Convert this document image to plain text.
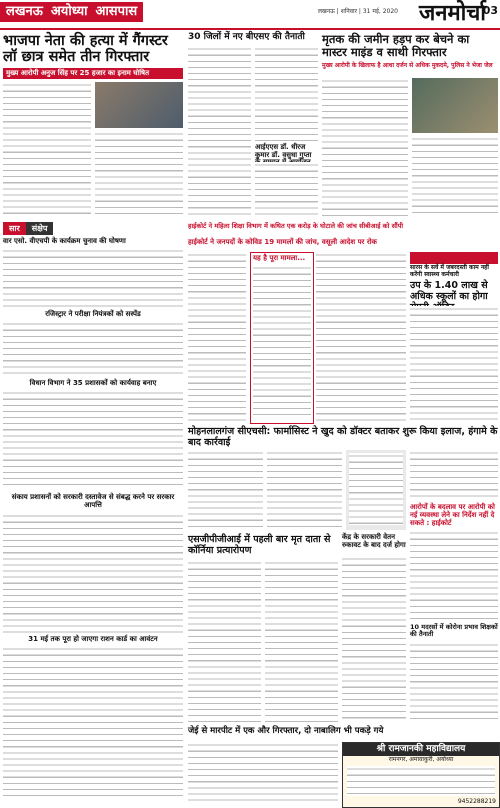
लखनऊ अयोध्या आसपास	लखनऊ | शनिवार | 31 मई, 2020 जनमोर्चा
03
भाजपा नेता की हत्या में गैंगस्टर लॉ छात्र समेत तीन गिरफ्तार
मुख्य आरोपी अनुज सिंह पर 25 हजार का इनाम घोषित
30 जिलों में नए बीएसए की तैनाती
आईएएस डॉ. धीरज कुमार डॉ. वसुधा गुप्ता
मृतक की जमीन हड़प कर बेचने का मास्टर माइंड व साथी गिरफ्तार
मुख्य आरोपी के खिलाफ है आधा दर्जन से अधिक मुकदमे, पुलिस ने भेजा जेल
सार	संक्षेप
वार एसो. वीएचपी के कार्यक्रम चुनाव की घोषणा
रजिस्ट्रार ने परीक्षा नियंत्रकों को सस्पेंड
विधान विभाग ने 35 प्रशासकों को कार्यवाह बनाए
संकाय प्रशासनों को सरकारी दस्तावेज से संबद्ध करने पर सरकार आपत्ति
31 मई तक पूरा हो जाएगा राशन कार्ड का आवंटन
हाईकोर्ट ने महिला शिक्षा विभाग में कथित एक करोड़ के घोटाले की जांच सीबीआई को सौंपी
हाईकोर्ट ने जनपदों के कोविड 19 मामलों की जांच, वसूली आदेश पर रोक
यह है पूरा मामला...
सारस के सर्वे में जबरदस्ती काम नहीं करेंगी स्वास्थ्य कर्मचारी
उप के 1.40 लाख से अधिक स्कूलों का होगा
मोहनलालगंज सीएचसी: फार्मासिस्ट ने खुद को डॉक्टर बताकर शुरू किया इलाज, हंगामे के बाद कार्रवाई
आरोपों के बदलाव पर आरोपी को नई व्यवस्था लेने का निर्देश नहीं दे सकते : हाईकोर्ट
एसजीपीजीआई में पहली बार मृत दाता से कॉर्निया प्रत्यारोपण
केंद्र के सरकारी वेतन रुकावट के बाद दर्ज होगा
10 मदरसों में कोरोना प्रभाव शिक्षकों की तैनाती
जेई से मारपीट में एक और गिरफ्तार, दो नाबालिग भी पकड़े गये
श्री रामजानकी महाविद्यालय
रामनगर, अमावाकुरी, अयोध्या
9452288219
